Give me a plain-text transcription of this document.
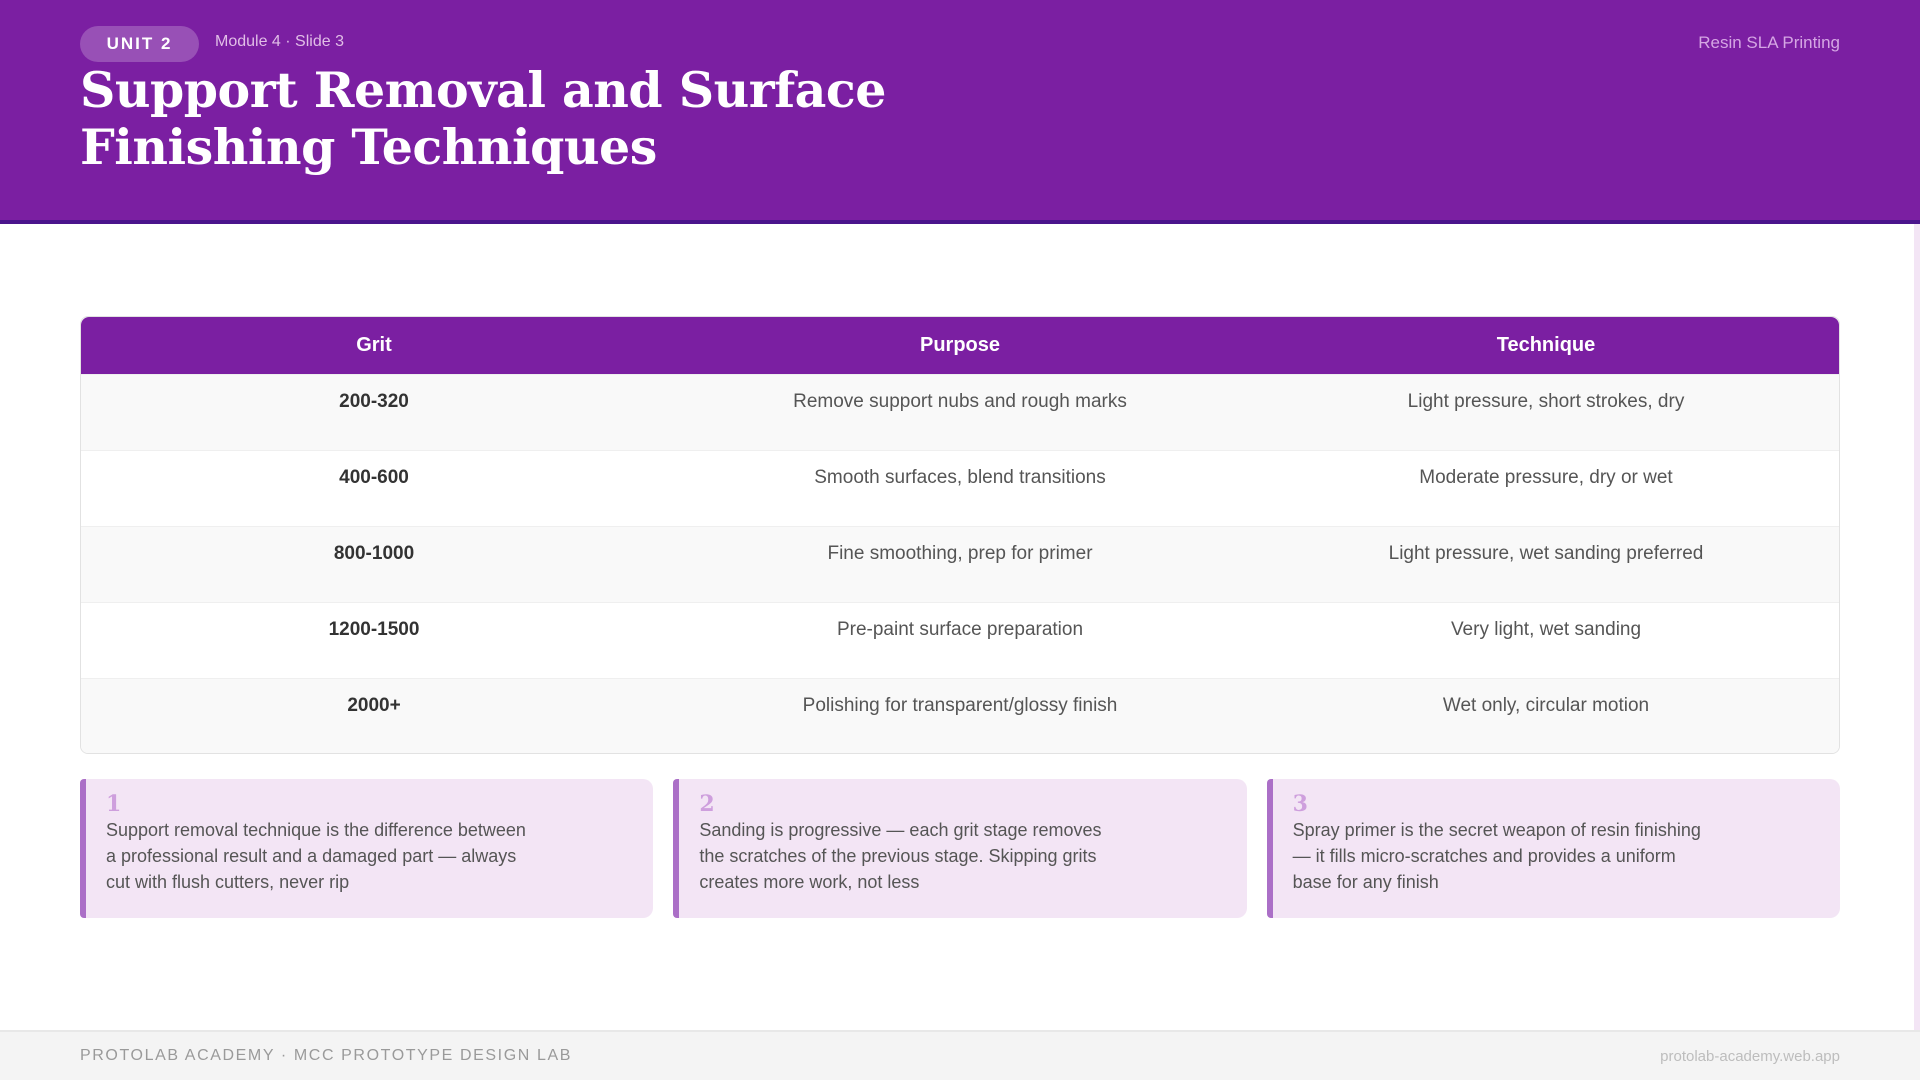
UNIT 2	Module 4 · Slide 3	Resin SLA Printing
Support Removal and Surface
Finishing Techniques
Grit	Purpose	Technique
200-320	Remove support nubs and rough marks	Light pressure, short strokes, dry
400-600	Smooth surfaces, blend transitions	Moderate pressure, dry or wet
800-1000	Fine smoothing, prep for primer	Light pressure, wet sanding preferred
1200-1500	Pre-paint surface preparation	Very light, wet sanding
2000+	Polishing for transparent/glossy finish	Wet only, circular motion
1
Support removal technique is the difference between a professional result and a damaged part — always cut with flush cutters, never rip
2
Sanding is progressive — each grit stage removes the scratches of the previous stage. Skipping grits creates more work, not less
3
Spray primer is the secret weapon of resin finishing — it fills micro-scratches and provides a uniform base for any finish
PROTOLAB ACADEMY · MCC PROTOTYPE DESIGN LAB	protolab-academy.web.app
